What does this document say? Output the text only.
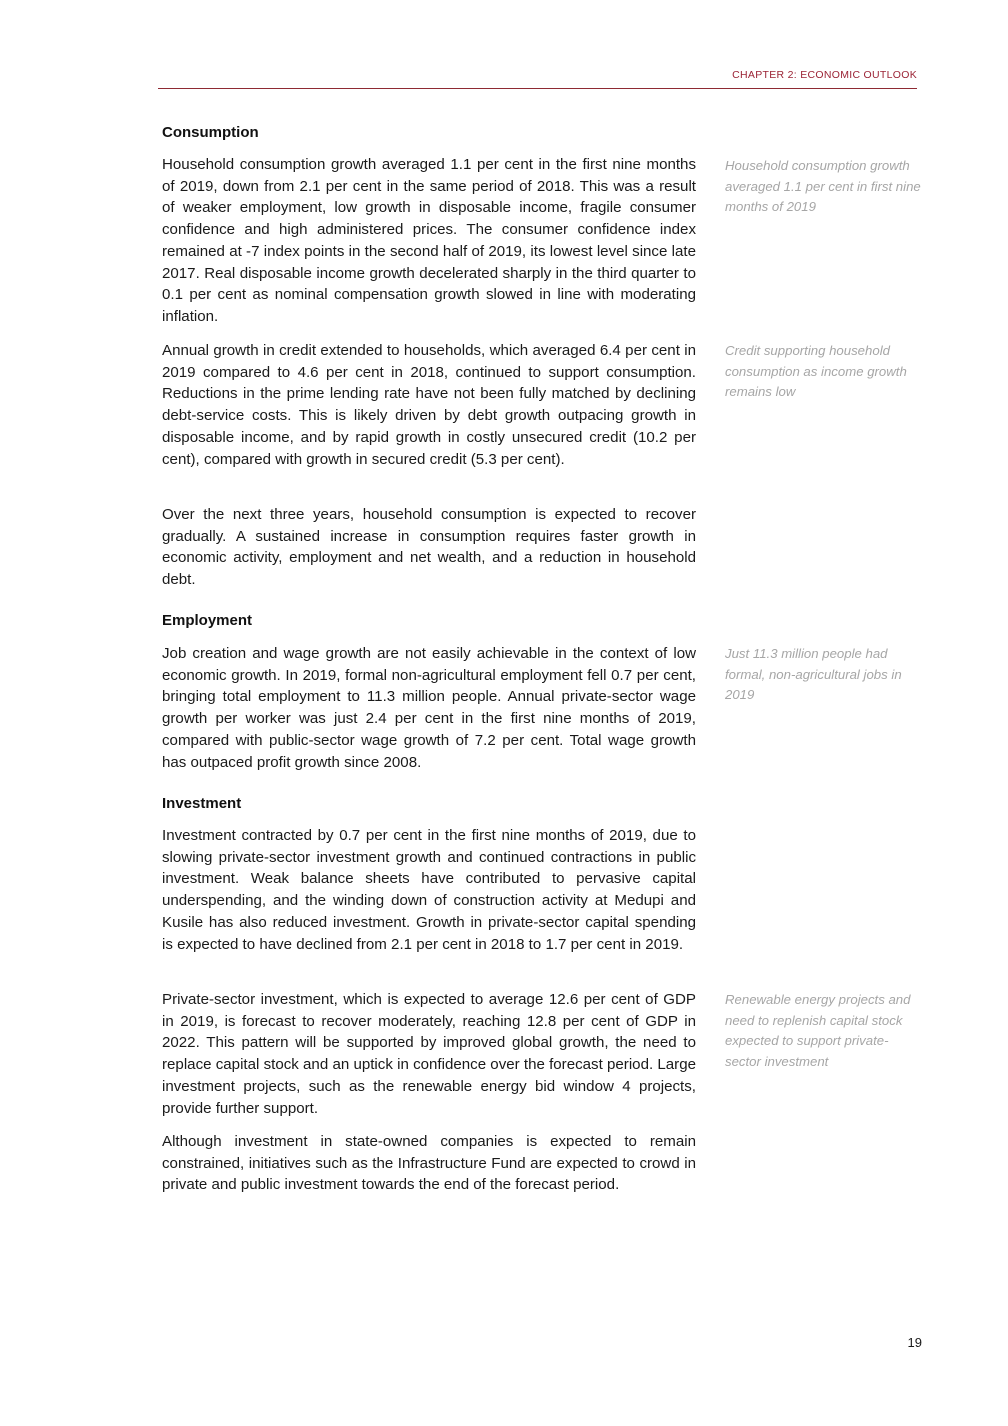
CHAPTER 2: ECONOMIC OUTLOOK
Consumption

Household consumption growth averaged 1.1 per cent in the first nine months of 2019, down from 2.1 per cent in the same period of 2018. This was a result of weaker employment, low growth in disposable income, fragile consumer confidence and high administered prices. The consumer confidence index remained at -7 index points in the second half of 2019, its lowest level since late 2017. Real disposable income growth decelerated sharply in the third quarter to 0.1 per cent as nominal compensation growth slowed in line with moderating inflation.

Household consumption growth averaged 1.1 per cent in first nine months of 2019

Annual growth in credit extended to households, which averaged 6.4 per cent in 2019 compared to 4.6 per cent in 2018, continued to support consumption. Reductions in the prime lending rate have not been fully matched by declining debt-service costs. This is likely driven by debt growth outpacing growth in disposable income, and by rapid growth in costly unsecured credit (10.2 per cent), compared with growth in secured credit (5.3 per cent).

Credit supporting household consumption as income growth remains low

Over the next three years, household consumption is expected to recover gradually. A sustained increase in consumption requires faster growth in economic activity, employment and net wealth, and a reduction in household debt.

Employment

Job creation and wage growth are not easily achievable in the context of low economic growth. In 2019, formal non-agricultural employment fell 0.7 per cent, bringing total employment to 11.3 million people. Annual private-sector wage growth per worker was just 2.4 per cent in the first nine months of 2019, compared with public-sector wage growth of 7.2 per cent. Total wage growth has outpaced profit growth since 2008.

Just 11.3 million people had formal, non-agricultural jobs in 2019

Investment

Investment contracted by 0.7 per cent in the first nine months of 2019, due to slowing private-sector investment growth and continued contractions in public investment. Weak balance sheets have contributed to pervasive capital underspending, and the winding down of construction activity at Medupi and Kusile has also reduced investment. Growth in private-sector capital spending is expected to have declined from 2.1 per cent in 2018 to 1.7 per cent in 2019.

Private-sector investment, which is expected to average 12.6 per cent of GDP in 2019, is forecast to recover moderately, reaching 12.8 per cent of GDP in 2022. This pattern will be supported by improved global growth, the need to replace capital stock and an uptick in confidence over the forecast period. Large investment projects, such as the renewable energy bid window 4 projects, provide further support.

Renewable energy projects and need to replenish capital stock expected to support private-sector investment

Although investment in state-owned companies is expected to remain constrained, initiatives such as the Infrastructure Fund are expected to crowd in private and public investment towards the end of the forecast period.

19
